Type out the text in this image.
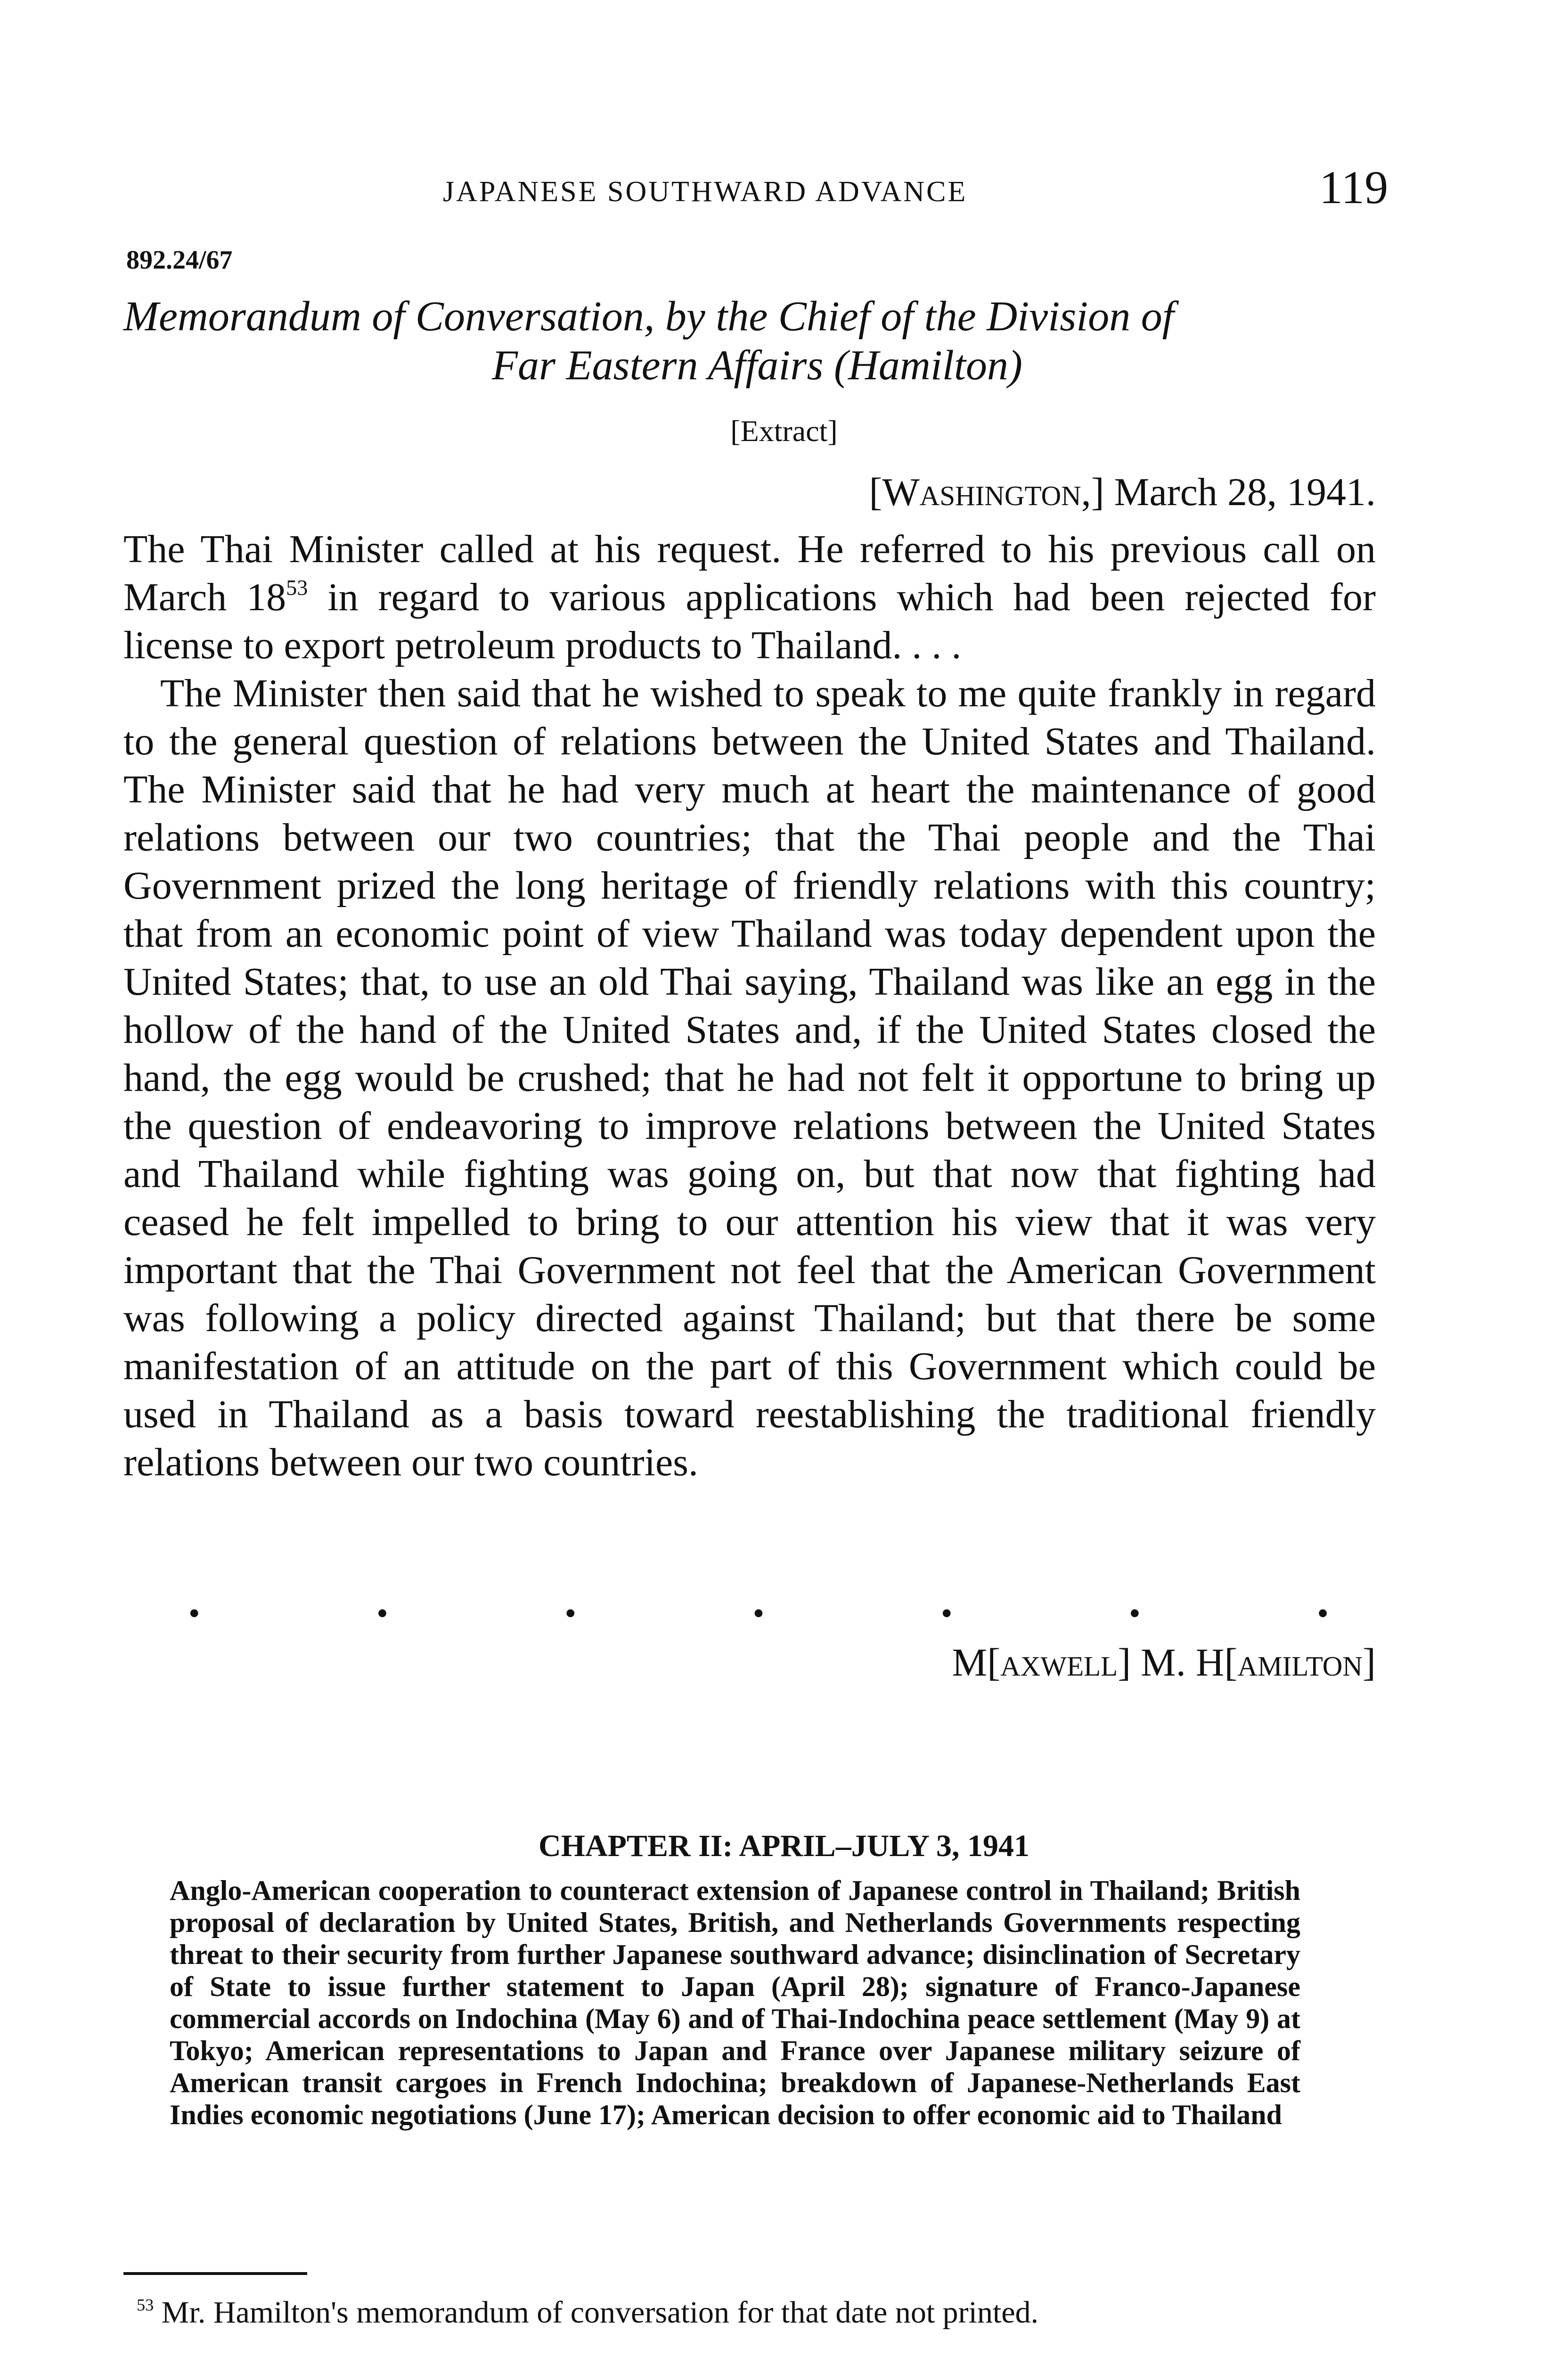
JAPANESE SOUTHWARD ADVANCE	119
892.24/67
Memorandum of Conversation, by the Chief of the Division of
Far Eastern Affairs (Hamilton)
[Extract]
[Washington,] March 28, 1941.

The Thai Minister called at his request. He referred to his previous call on March $18^{53}$ in regard to various applications which had been rejected for license to export petroleum products to Thailand. . . .

The Minister then said that he wished to speak to me quite frankly in regard to the general question of relations between the United States and Thailand. The Minister said that he had very much at heart the maintenance of good relations between our two countries; that the Thai people and the Thai Government prized the long heritage of friendly relations with this country; that from an economic point of view Thailand was today dependent upon the United States; that, to use an old Thai saying, Thailand was like an egg in the hollow of the hand of the United States and, if the United States closed the hand, the egg would be crushed; that he had not felt it opportune to bring up the question of endeavoring to improve relations between the United States and Thailand while fighting was going on, but that now that fighting had ceased he felt impelled to bring to our attention his view that it was very important that the Thai Government not feel that the American Government was following a policy directed against Thailand; but that there be some manifestation of an attitude on the part of this Government which could be used in Thailand as a basis toward reestablishing the traditional friendly relations between our two countries.

•	•	•	•	•	•	•
M[axwell] M. H[amilton]
CHAPTER II: APRIL–JULY 3, 1941
Anglo-American cooperation to counteract extension of Japanese control in Thailand; British proposal of declaration by United States, British, and Netherlands Governments respecting threat to their security from further Japanese southward advance; disinclination of Secretary of State to issue further statement to Japan (April 28); signature of Franco-Japanese commercial accords on Indochina (May 6) and of Thai-Indochina peace settlement (May 9) at Tokyo; American representations to Japan and France over Japanese military seizure of American transit cargoes in French Indochina; breakdown of Japanese-Netherlands East Indies economic negotiations (June 17); American decision to offer economic aid to Thailand
$^{53}$ Mr. Hamilton's memorandum of conversation for that date not printed.
